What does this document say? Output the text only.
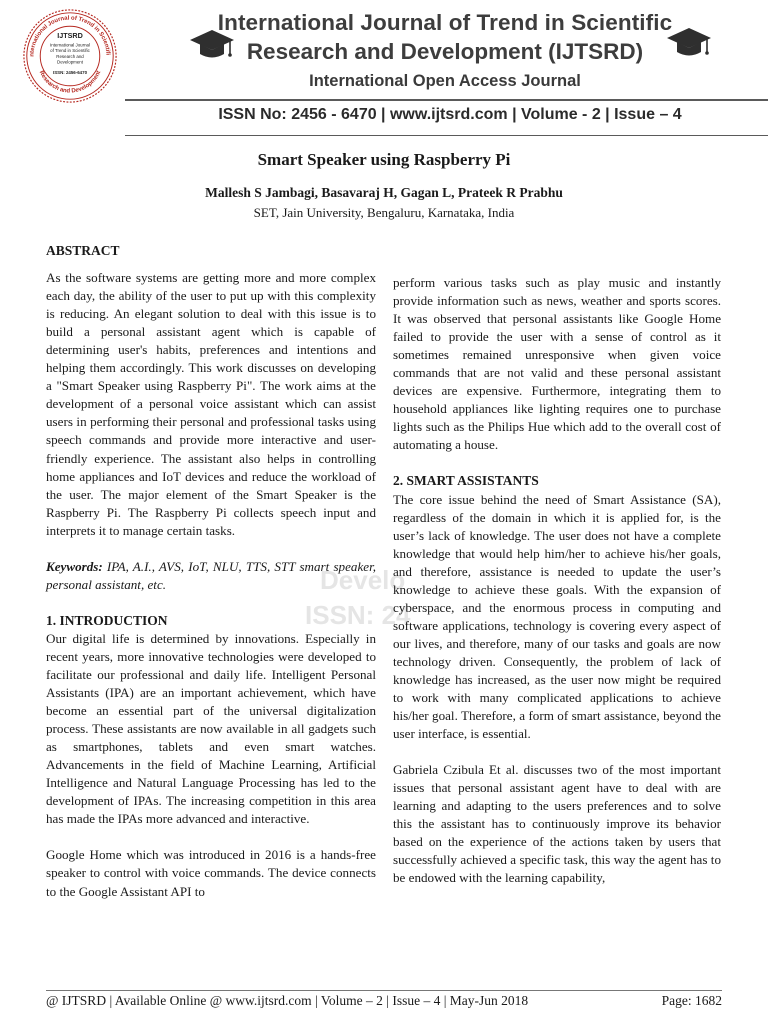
nternational Journal of Trend in Scientifi
Research and Development
IJTSRD
International Journal
of Trend in Scientific
Research and
Development
ISSN: 2456-6470
International Journal of Trend in Scientific
Research and Development (IJTSRD)
International Open Access Journal
ISSN No: 2456 - 6470 | www.ijtsrd.com | Volume - 2 | Issue – 4
Smart Speaker using Raspberry Pi
Mallesh S Jambagi, Basavaraj H, Gagan L, Prateek R Prabhu
SET, Jain University, Bengaluru, Karnataka, India
Develo
ISSN: 24

ABSTRACT

As the software systems are getting more and more complex each day, the ability of the user to put up with this complexity is reducing. An elegant solution to deal with this issue is to build a personal assistant agent which is capable of determining user's habits, preferences and intentions and helping them accordingly. This work discusses on developing a "Smart Speaker using Raspberry Pi". The work aims at the development of a personal voice assistant which can assist users in performing their personal and professional tasks using speech commands and provide more interactive and user-friendly experience. The assistant also helps in controlling home appliances and IoT devices and reduce the workload of the user. The major element of the Smart Speaker is the Raspberry Pi. The Raspberry Pi collects speech input and interprets it to manage certain tasks.

Keywords: IPA, A.I., AVS, IoT, NLU, TTS, STT smart speaker, personal assistant, etc.

1. INTRODUCTION

Our digital life is determined by innovations. Especially in recent years, more innovative technologies were developed to facilitate our professional and daily life. Intelligent Personal Assistants (IPA) are an important achievement, which have become an essential part of the universal digitalization process. These assistants are now available in all gadgets such as smartphones, tablets and even smart watches. Advancements in the field of Machine Learning, Artificial Intelligence and Natural Language Processing has led to the development of IPAs. The increasing competition in this area has made the IPAs more advanced and interactive.

Google Home which was introduced in 2016 is a hands-free speaker to control with voice commands. The device connects to the Google Assistant API to

perform various tasks such as play music and instantly provide information such as news, weather and sports scores. It was observed that personal assistants like Google Home failed to provide the user with a sense of control as it sometimes remained unresponsive when given voice commands that are not valid and these personal assistant devices are expensive. Furthermore, integrating them to household appliances like lighting requires one to purchase lights such as the Philips Hue which add to the overall cost of automating a house.

2. SMART ASSISTANTS

The core issue behind the need of Smart Assistance (SA), regardless of the domain in which it is applied for, is the user’s lack of knowledge. The user does not have a complete knowledge that would help him/her to achieve his/her goals, and therefore, assistance is needed to update the user’s knowledge to achieve these goals. With the expansion of cyberspace, and the enormous process in computing and software applications, technology is covering every aspect of our lives, and therefore, many of our tasks and goals are now technology driven. Consequently, the problem of lack of knowledge has increased, as the user now might be required to work with many complicated applications to achieve his/her goal. Therefore, a form of smart assistance, beyond the user interface, is essential.

Gabriela Czibula Et al. discusses two of the most important issues that personal assistant agent have to deal with are learning and adapting to the users preferences and to solve this the assistant has to continuously improve its behavior based on the experience of the actions taken by users that successfully achieved a specific task, this way the agent has to be endowed with the learning capability,

@ IJTSRD | Available Online @ www.ijtsrd.com | Volume – 2 | Issue – 4 | May-Jun 2018	Page: 1682
